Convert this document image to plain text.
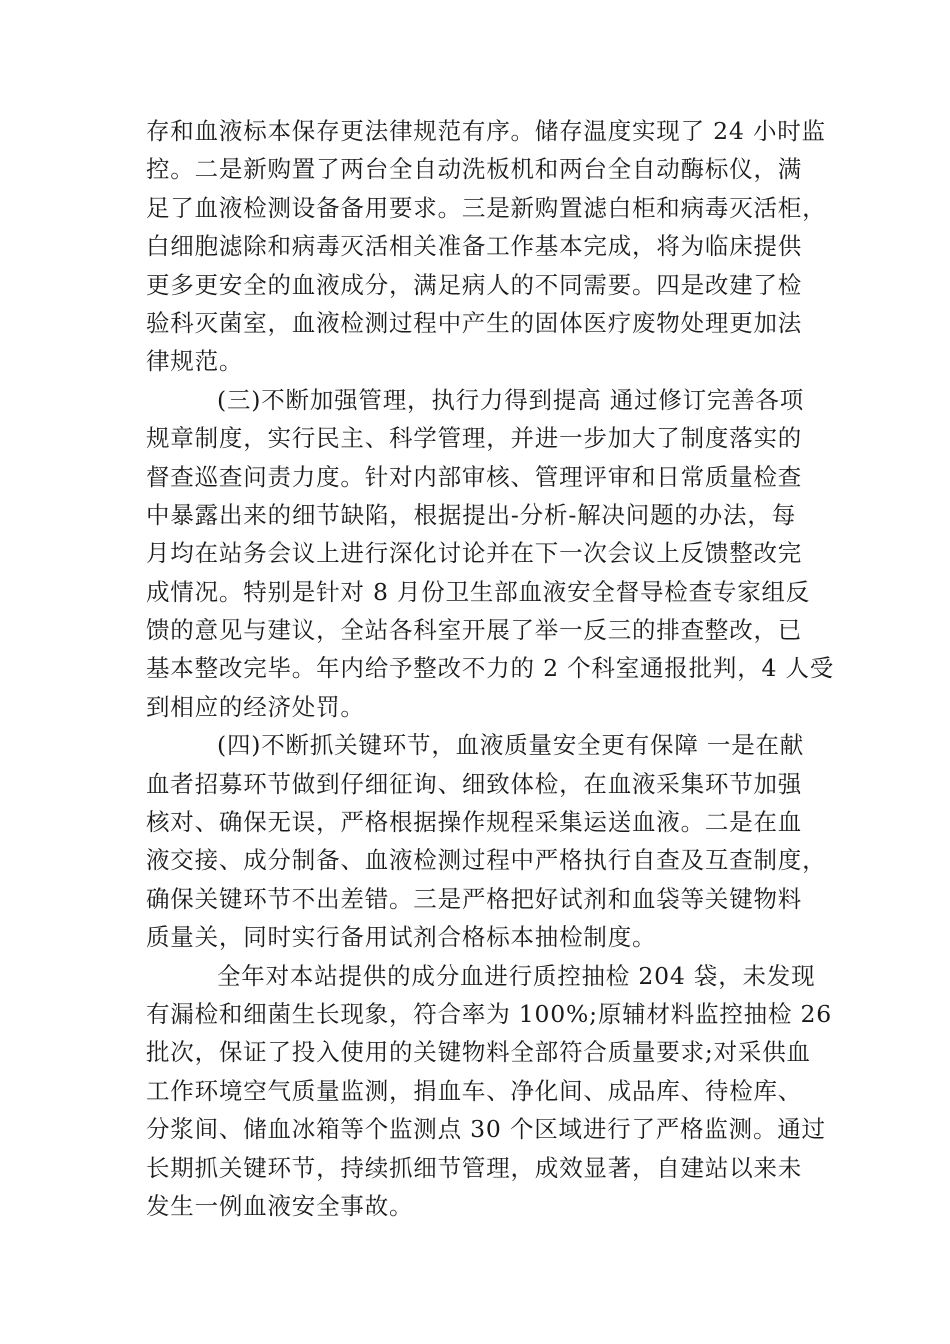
存和血液标本保存更法律规范有序。储存温度实现了 24 小时监
控。二是新购置了两台全自动洗板机和两台全自动酶标仪，满
足了血液检测设备备用要求。三是新购置滤白柜和病毒灭活柜，
白细胞滤除和病毒灭活相关准备工作基本完成，将为临床提供
更多更安全的血液成分，满足病人的不同需要。四是改建了检
验科灭菌室，血液检测过程中产生的固体医疗废物处理更加法
律规范。
(三)不断加强管理，执行力得到提高 通过修订完善各项
规章制度，实行民主、科学管理，并进一步加大了制度落实的
督查巡查问责力度。针对内部审核、管理评审和日常质量检查
中暴露出来的细节缺陷，根据提出-分析-解决问题的办法，每
月均在站务会议上进行深化讨论并在下一次会议上反馈整改完
成情况。特别是针对 8 月份卫生部血液安全督导检查专家组反
馈的意见与建议，全站各科室开展了举一反三的排查整改，已
基本整改完毕。年内给予整改不力的 2 个科室通报批判，4 人受
到相应的经济处罚。
(四)不断抓关键环节，血液质量安全更有保障 一是在献
血者招募环节做到仔细征询、细致体检，在血液采集环节加强
核对、确保无误，严格根据操作规程采集运送血液。二是在血
液交接、成分制备、血液检测过程中严格执行自查及互查制度，
确保关键环节不出差错。三是严格把好试剂和血袋等关键物料
质量关，同时实行备用试剂合格标本抽检制度。
全年对本站提供的成分血进行质控抽检 204 袋，未发现
有漏检和细菌生长现象，符合率为 100%;原辅材料监控抽检 26
批次，保证了投入使用的关键物料全部符合质量要求;对采供血
工作环境空气质量监测，捐血车、净化间、成品库、待检库、
分浆间、储血冰箱等个监测点 30 个区域进行了严格监测。通过
长期抓关键环节，持续抓细节管理，成效显著，自建站以来未
发生一例血液安全事故。
